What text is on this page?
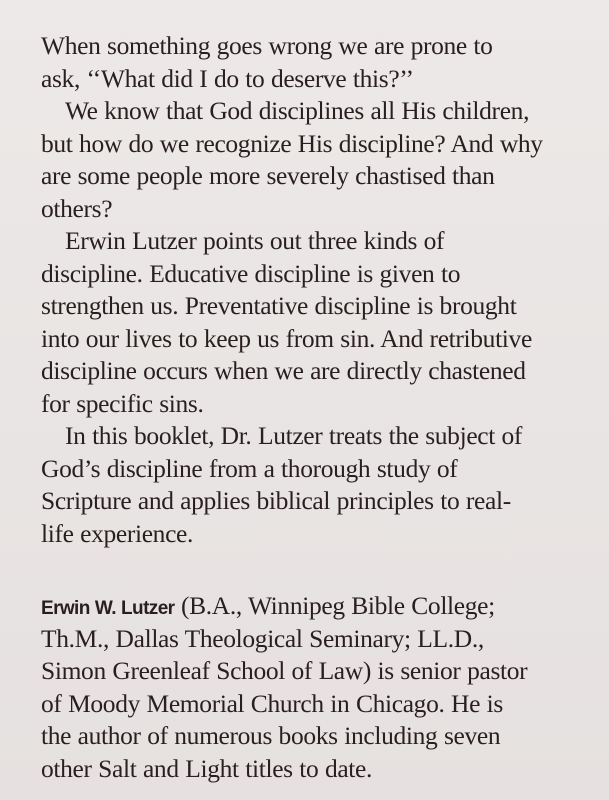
When something goes wrong we are prone to
ask, ‘‘What did I do to deserve this?’’
We know that God disciplines all His children,
but how do we recognize His discipline? And why
are some people more severely chastised than
others?
Erwin Lutzer points out three kinds of
discipline. Educative discipline is given to
strengthen us. Preventative discipline is brought
into our lives to keep us from sin. And retributive
discipline occurs when we are directly chastened
for specific sins.
In this booklet, Dr. Lutzer treats the subject of
God’s discipline from a thorough study of
Scripture and applies biblical principles to real-
life experience.
Erwin W. Lutzer (B.A., Winnipeg Bible College;
Th.M., Dallas Theological Seminary; LL.D.,
Simon Greenleaf School of Law) is senior pastor
of Moody Memorial Church in Chicago. He is
the author of numerous books including seven
other Salt and Light titles to date.
